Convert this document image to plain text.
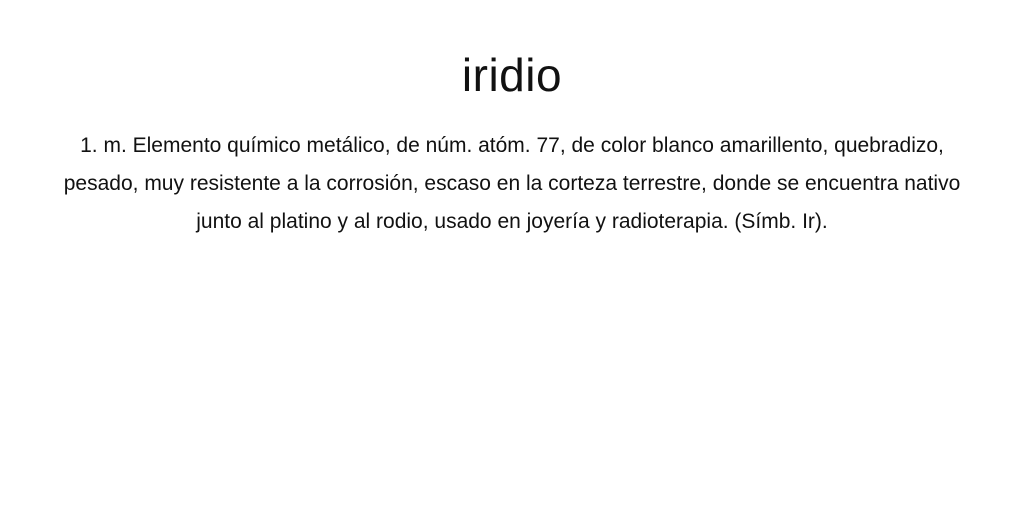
iridio

1. m. Elemento químico metálico, de núm. atóm. 77, de color blanco amarillento, quebradizo, pesado, muy resistente a la corrosión, escaso en la corteza terrestre, donde se encuentra nativo junto al platino y al rodio, usado en joyería y radioterapia. (Símb. Ir).
